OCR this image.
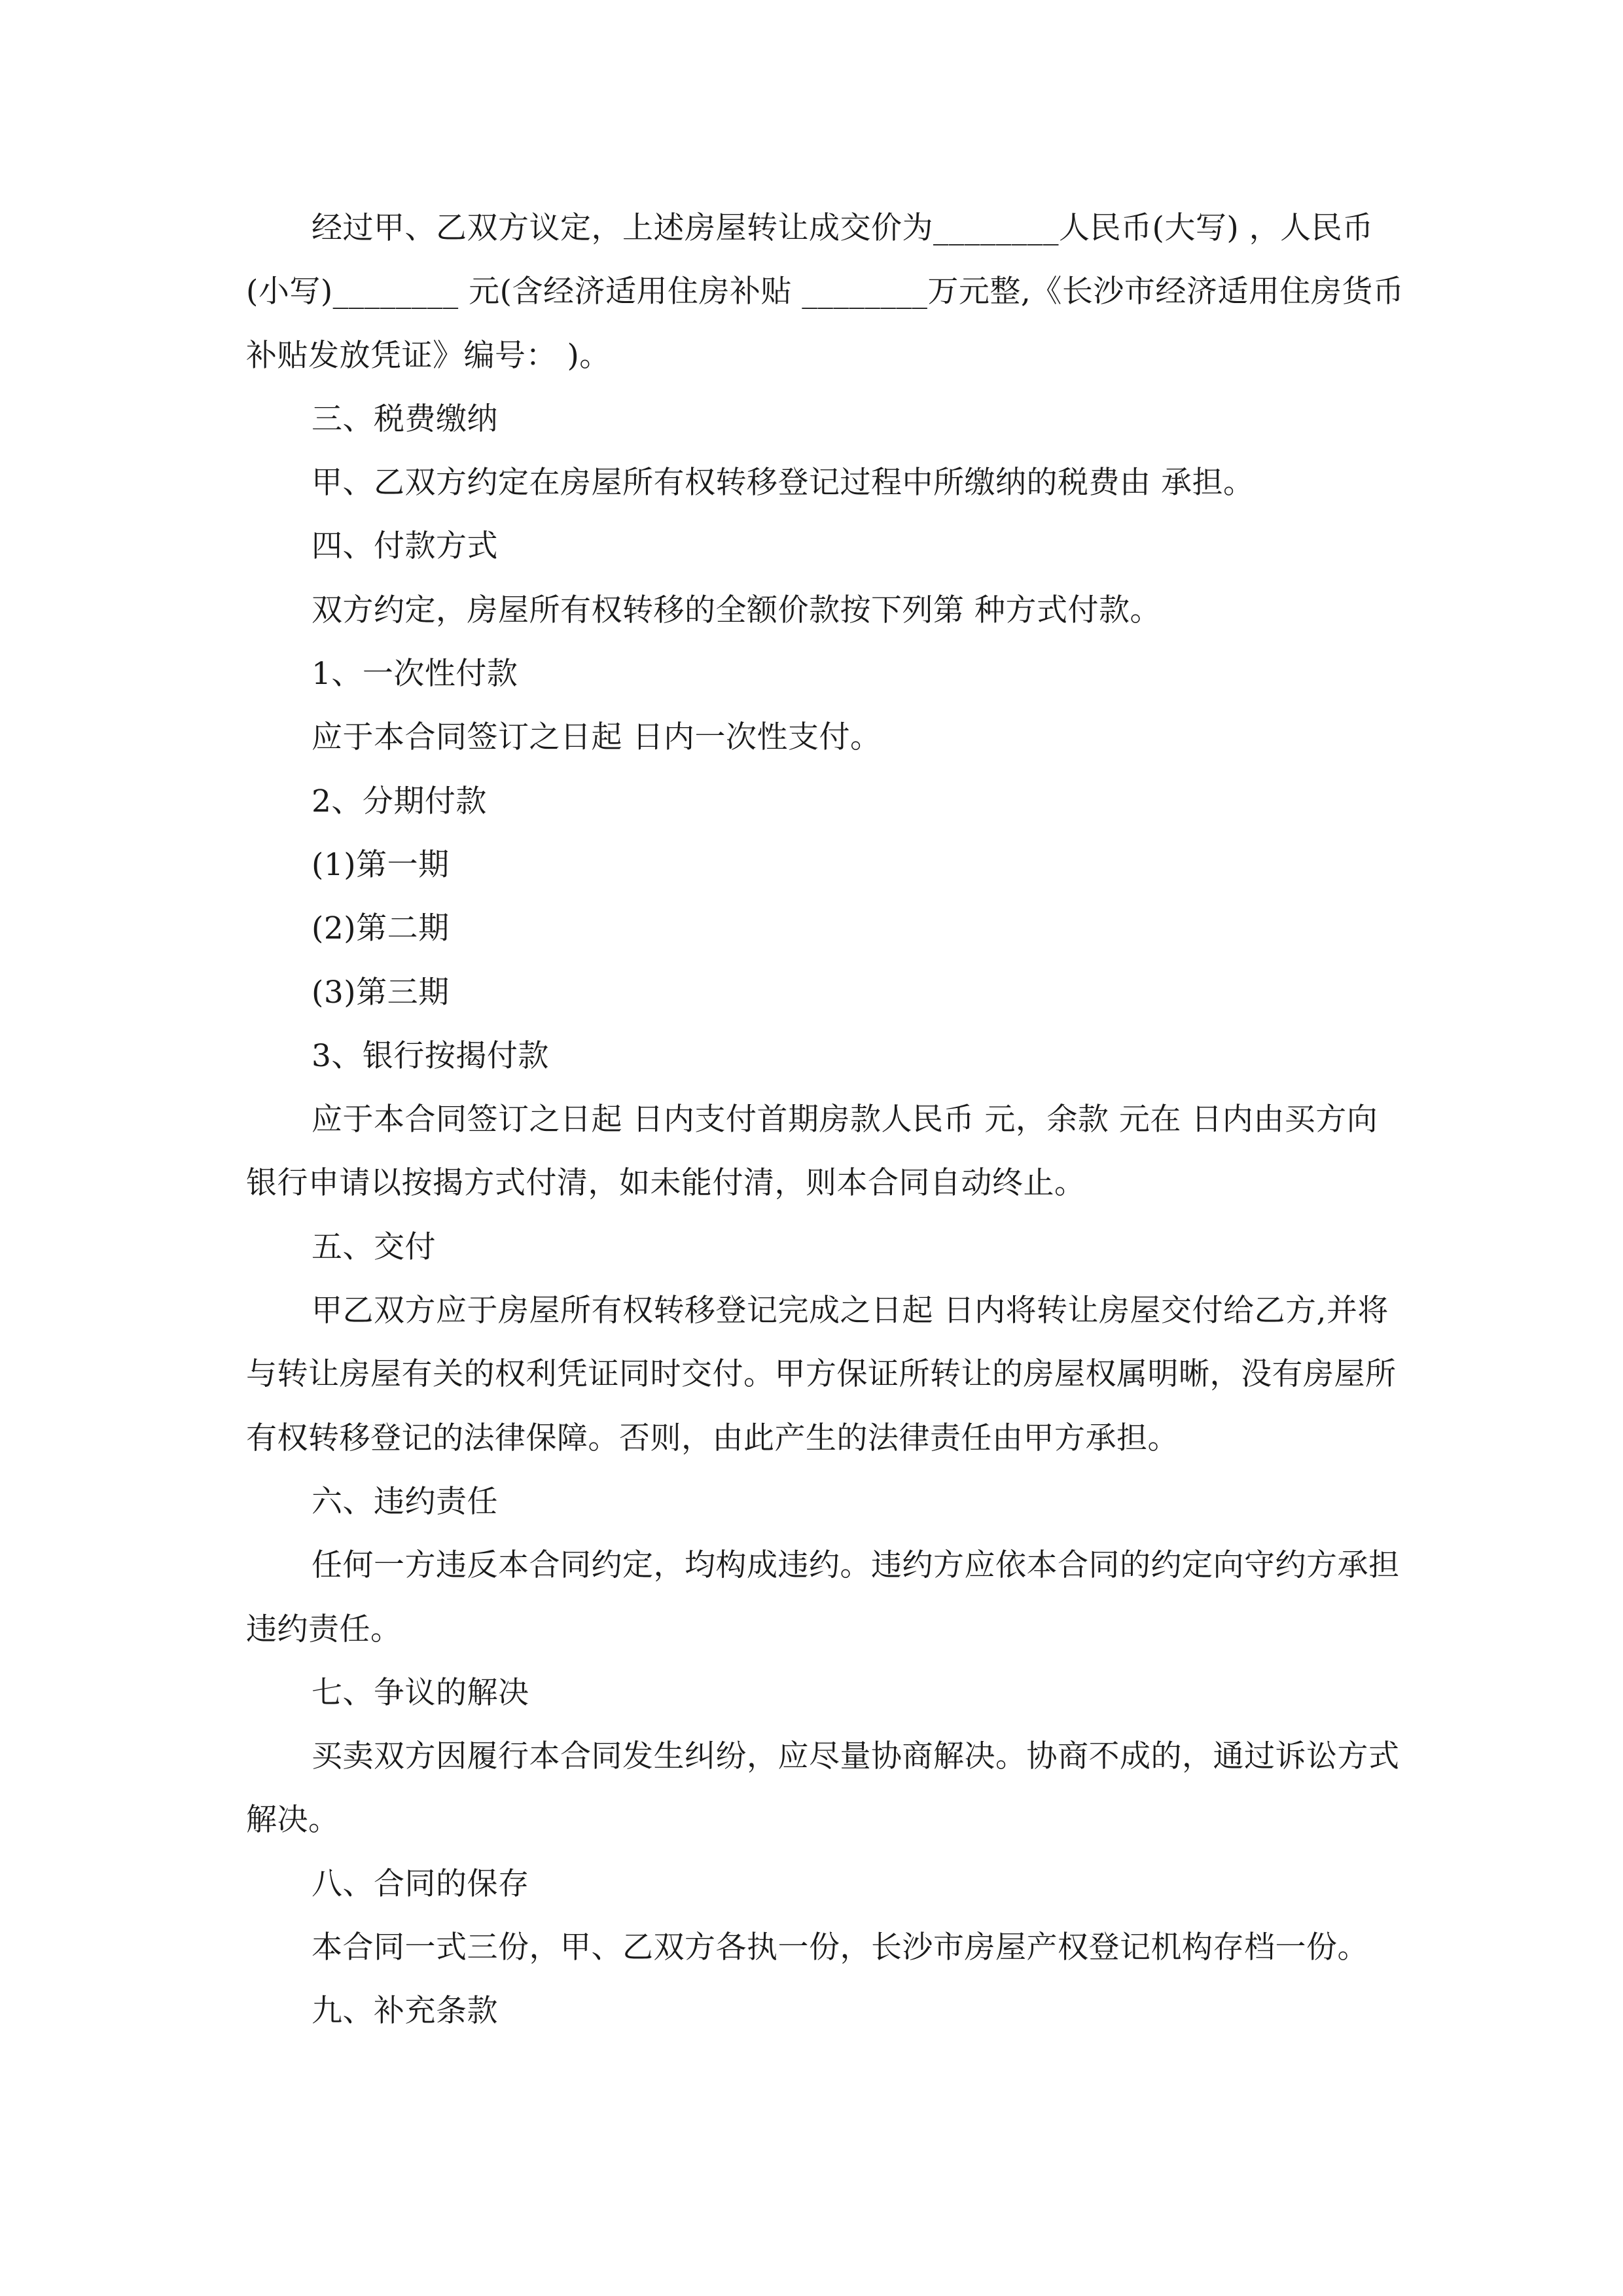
经过甲、乙双方议定，上述房屋转让成交价为________人民币(大写) ，人民币(小写)________ 元(含经济适用住房补贴 ________万元整,《长沙市经济适用住房货币补贴发放凭证》编号： )。

三、税费缴纳

甲、乙双方约定在房屋所有权转移登记过程中所缴纳的税费由 承担。

四、付款方式

双方约定，房屋所有权转移的全额价款按下列第 种方式付款。

1、一次性付款

应于本合同签订之日起 日内一次性支付。

2、分期付款

(1)第一期

(2)第二期

(3)第三期

3、银行按揭付款

应于本合同签订之日起 日内支付首期房款人民币 元，余款 元在 日内由买方向银行申请以按揭方式付清，如未能付清，则本合同自动终止。

五、交付

甲乙双方应于房屋所有权转移登记完成之日起 日内将转让房屋交付给乙方,并将与转让房屋有关的权利凭证同时交付。甲方保证所转让的房屋权属明晰，没有房屋所有权转移登记的法律保障。否则，由此产生的法律责任由甲方承担。

六、违约责任

任何一方违反本合同约定，均构成违约。违约方应依本合同的约定向守约方承担违约责任。

七、争议的解决

买卖双方因履行本合同发生纠纷，应尽量协商解决。协商不成的，通过诉讼方式解决。

八、合同的保存

本合同一式三份，甲、乙双方各执一份，长沙市房屋产权登记机构存档一份。

九、补充条款
